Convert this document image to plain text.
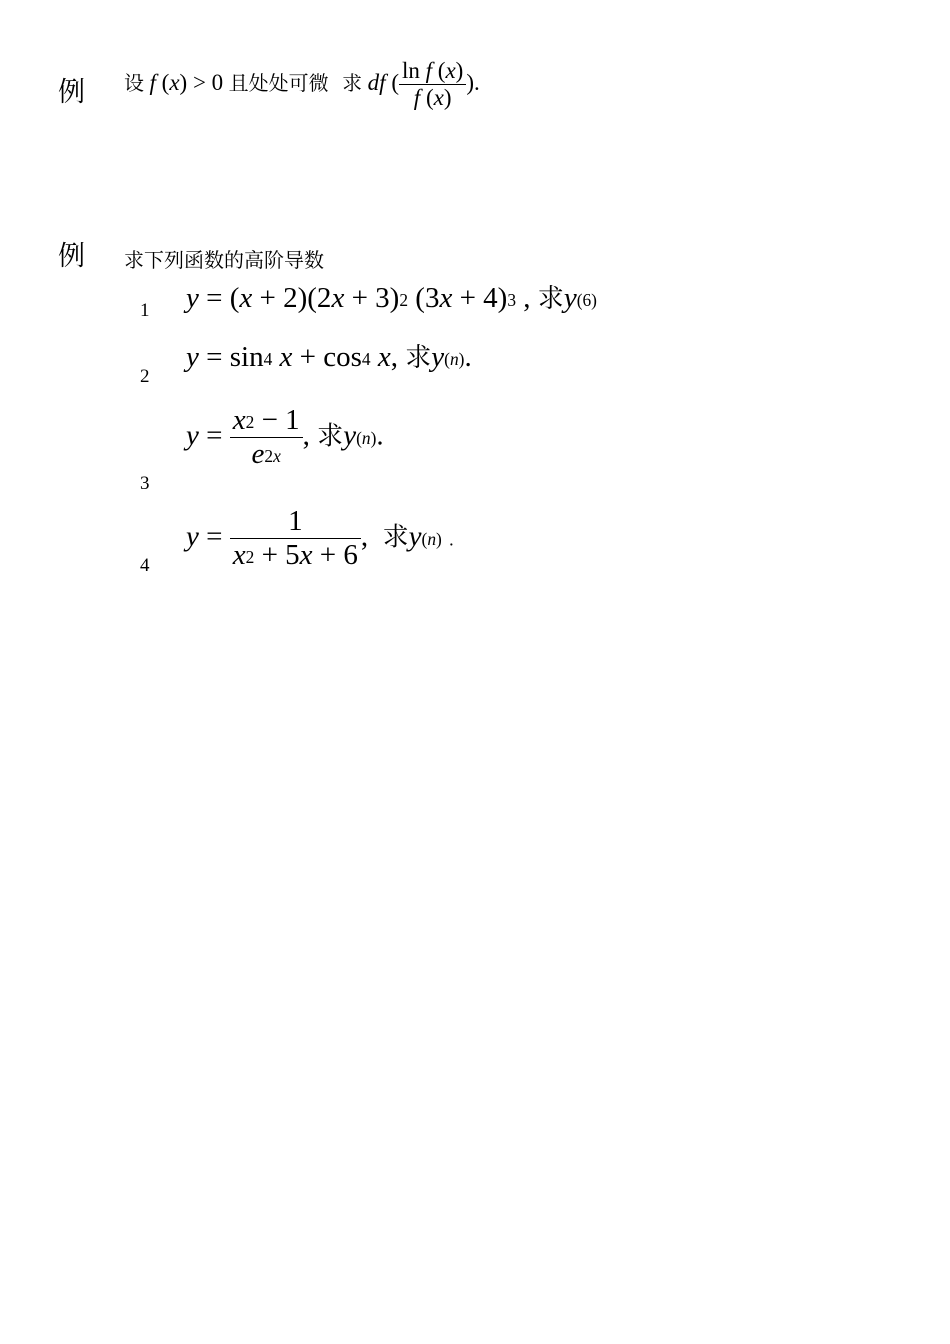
例 设 f (x) > 0 且处处可微 求 df ( $\frac{\text{ln f (x)}}{f (x)}$ ).
例 求下列函数的高阶导数
1 y = (x + 2)(2x + 3)2 (3x + 4)3 , 求y(6)
2
y = sin4 x + cos4 x, 求y(n).
3
$y = \frac{x2 - 1}{e2x}$ , 求y(n).
4
$y = \frac{1}{x2 + 5x + 6}$ ,  求y(n) .
